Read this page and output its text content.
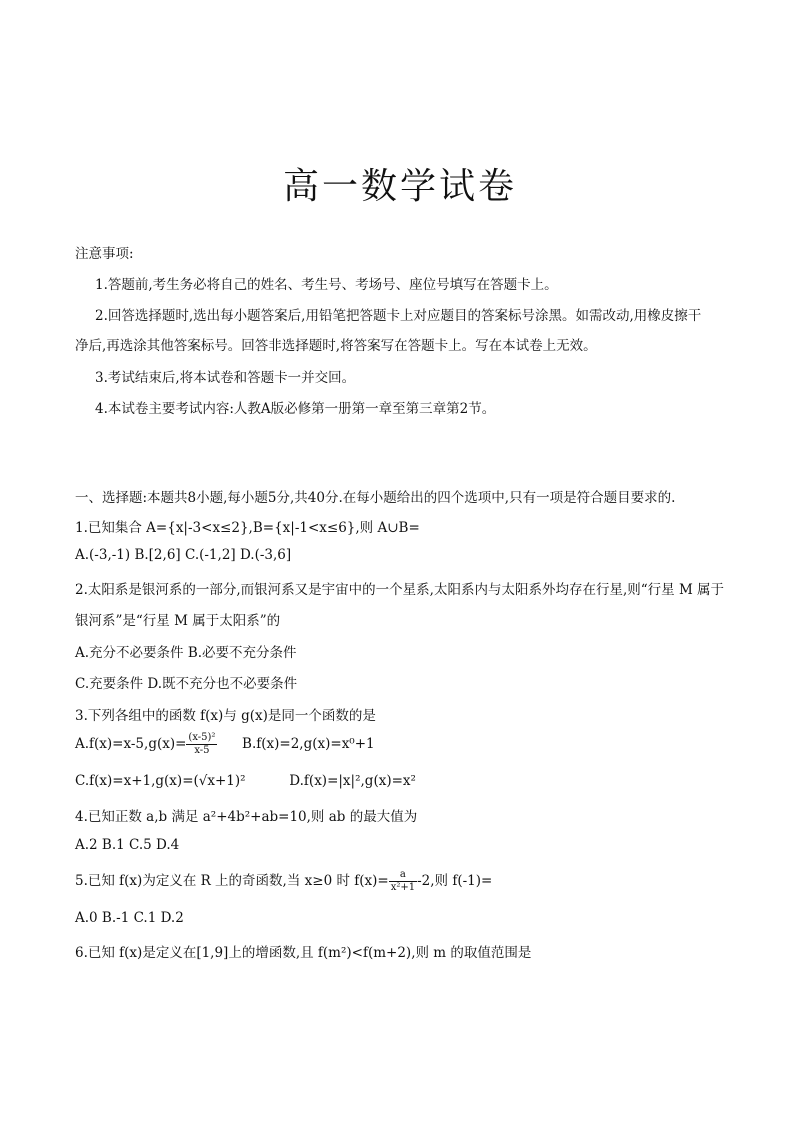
高一数学试卷
注意事项:
1.答题前,考生务必将自己的姓名、考生号、考场号、座位号填写在答题卡上。
2.回答选择题时,选出每小题答案后,用铅笔把答题卡上对应题目的答案标号涂黑。如需改动,用橡皮擦干
净后,再选涂其他答案标号。回答非选择题时,将答案写在答题卡上。写在本试卷上无效。
3.考试结束后,将本试卷和答题卡一并交回。
4.本试卷主要考试内容:人教A版必修第一册第一章至第三章第2节。
一、选择题:本题共8小题,每小题5分,共40分.在每小题给出的四个选项中,只有一项是符合题目要求的.
1.已知集合 A={x|-3<x≤2},B={x|-1<x≤6},则 A∪B=
A.(-3,-1) B.[2,6] C.(-1,2] D.(-3,6]
2.太阳系是银河系的一部分,而银河系又是宇宙中的一个星系,太阳系内与太阳系外均存在行星,则“行星 M 属于
银河系”是“行星 M 属于太阳系”的
A.充分不必要条件 B.必要不充分条件
C.充要条件 D.既不充分也不必要条件
3.下列各组中的函数 f(x)与 g(x)是同一个函数的是
$A.f(x)=x-5,g(x)= \frac{\text{(x-5)²}}{x-5} B.f(x)=2,g(x)=x^0+1$
C.f(x)=x+1,g(x)=(√x+1)²	D.f(x)=|x|²,g(x)=x²
4.已知正数 a,b 满足 a²+4b²+ab=10,则 ab 的最大值为
A.2 B.1 C.5 D.4
5.已知 f(x)为定义在 R 上的奇函数,当 x≥0 时 $f(x)= \frac{a}{\text{x²+1}} -2$,则 f(-1)=
A.0 B.-1 C.1 D.2
6.已知 f(x)是定义在[1,9]上的增函数,且 f(m²)<f(m+2),则 m 的取值范围是
